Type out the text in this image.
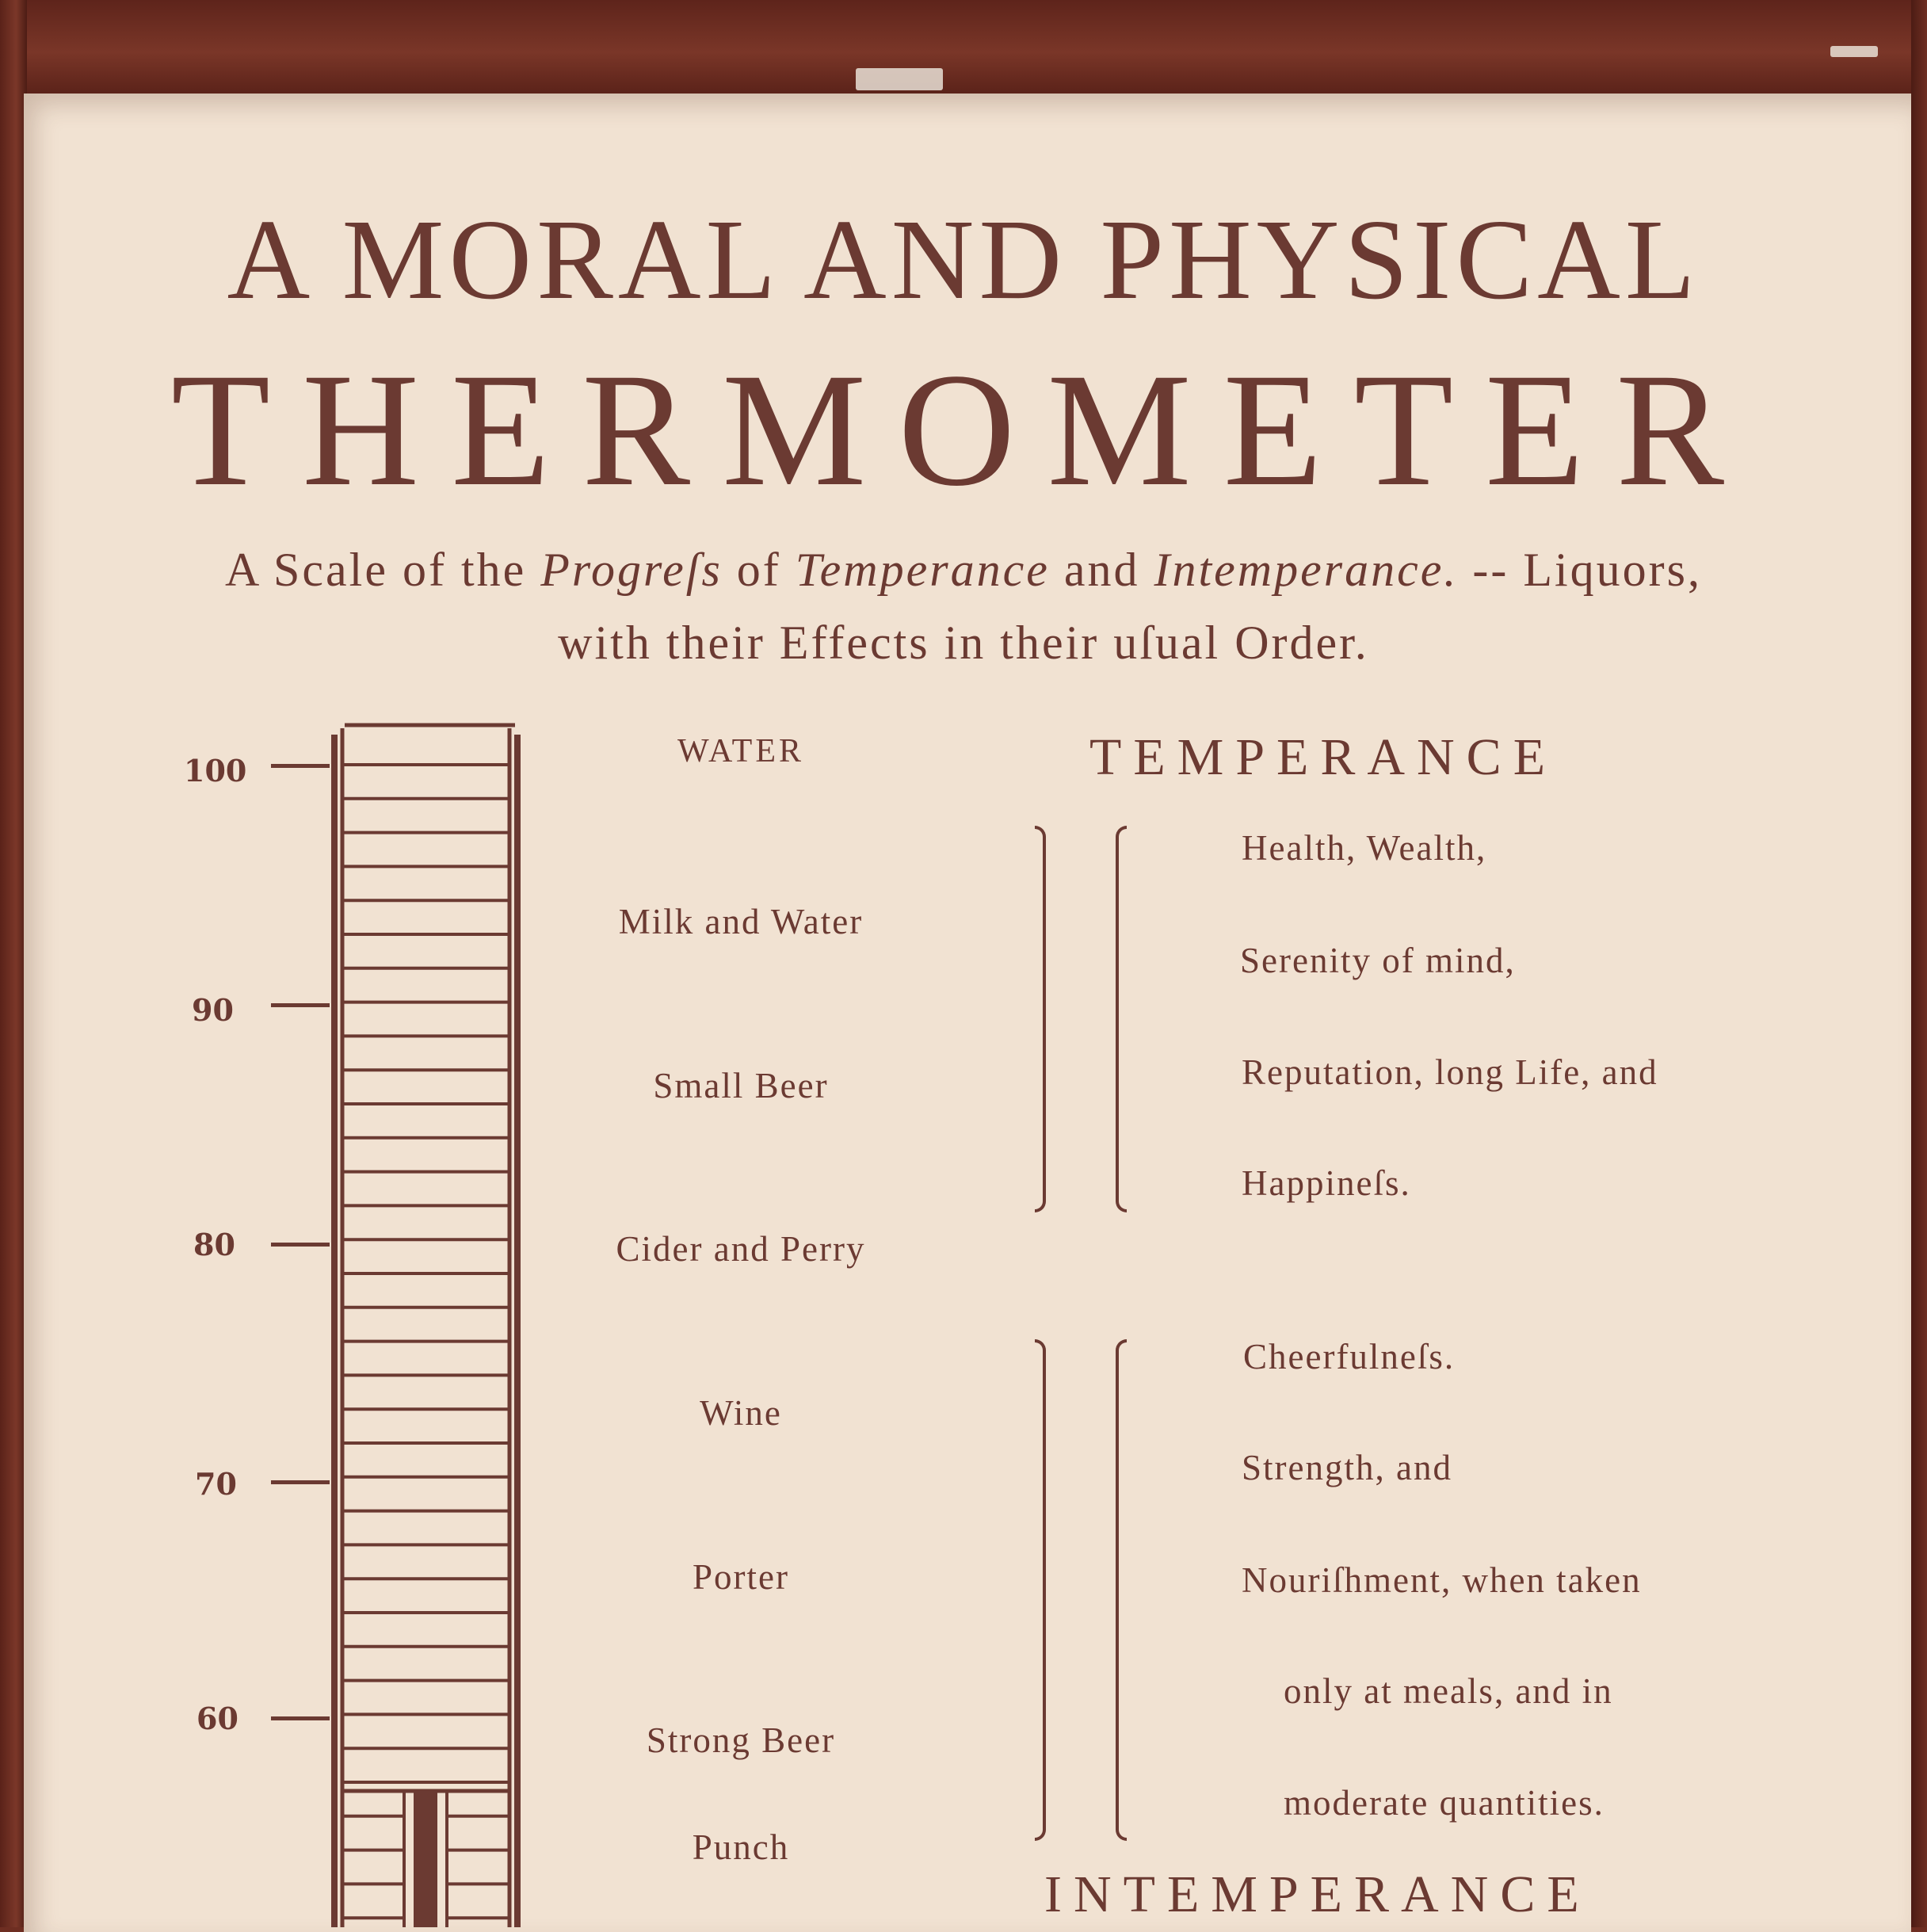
A MORAL AND PHYSICAL
THERMOMETER
A Scale of the Progreſs of Temperance and Intemperance. -- Liquors,
with their Effects in their uſual Order.
100
90
80
70
60
WATER
Milk and Water
Small Beer
Cider and Perry
Wine
Porter
Strong Beer
Punch
TEMPERANCE
INTEMPERANCE
Health, Wealth,
Serenity of mind,
Reputation, long Life, and
Happineſs.
Cheerfulneſs.
Strength, and
Nouriſhment, when taken
only at meals, and in
moderate quantities.
